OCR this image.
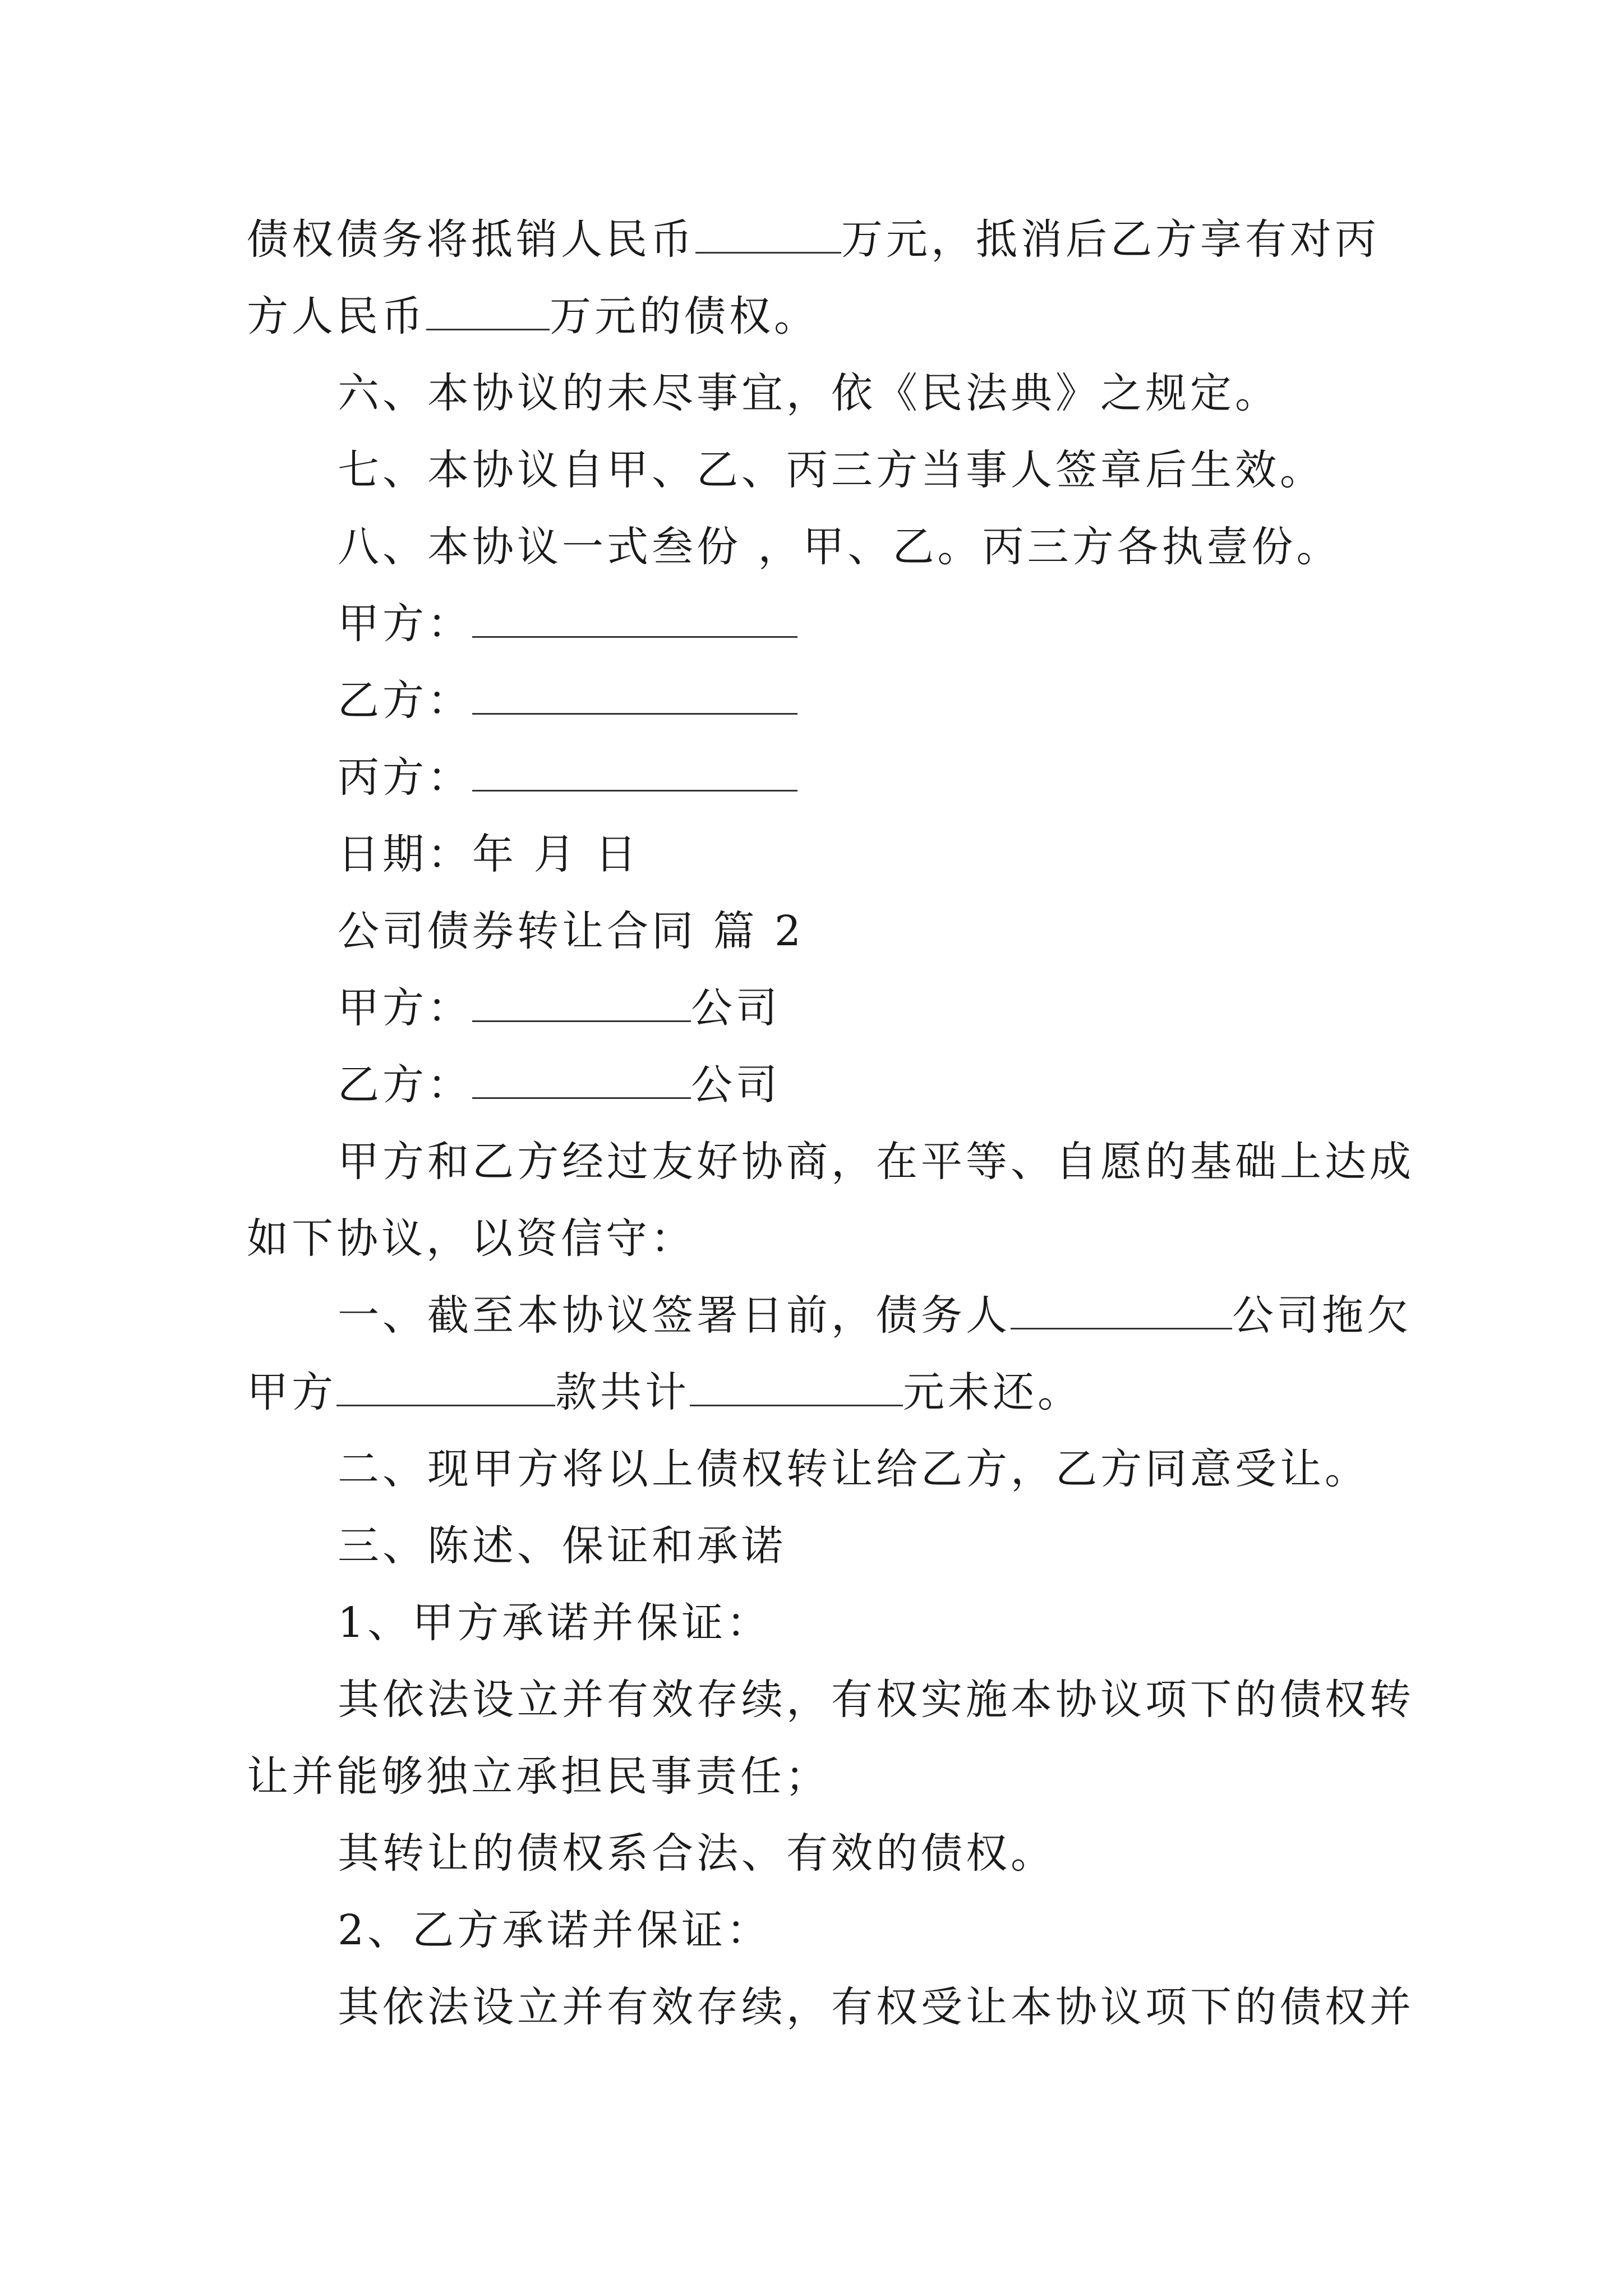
债权债务将抵销人民币	万元，抵消后乙方享有对丙
方人民币	万元的债权。
六、本协议的未尽事宜，依《民法典》之规定。
七、本协议自甲、乙、丙三方当事人签章后生效。
八、本协议一式叁份 ，甲、乙。丙三方各执壹份。
甲方：
乙方：
丙方：
日期：年 月 日
公司债券转让合同 篇 2
甲方：	公司
乙方：	公司
甲方和乙方经过友好协商，在平等、自愿的基础上达成
如下协议，以资信守：
一、截至本协议签署日前，债务人	公司拖欠
甲方	款共计	元未还。
二、现甲方将以上债权转让给乙方，乙方同意受让。
三、陈述、保证和承诺
1、甲方承诺并保证：
其依法设立并有效存续，有权实施本协议项下的债权转
让并能够独立承担民事责任；
其转让的债权系合法、有效的债权。
2、乙方承诺并保证：
其依法设立并有效存续，有权受让本协议项下的债权并
